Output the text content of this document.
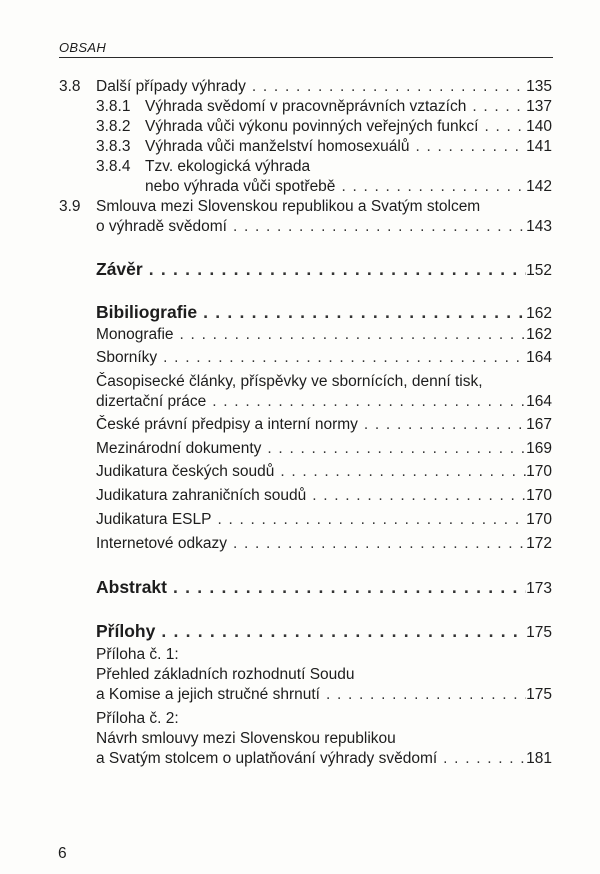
OBSAH
3.8 Další případy výhrady . . .	135
3.8.1 Výhrada svědomí v pracovněprávních vztazích . . .	137
3.8.2 Výhrada vůči výkonu povinných veřejných funkcí . . .	140
3.8.3 Výhrada vůči manželství homosexuálů . . .	141
3.8.4 Tzv. ekologická výhrada
nebo výhrada vůči spotřebě . . .	142
3.9 Smlouva mezi Slovenskou republikou a Svatým stolcem
o výhradě svědomí . . .	143
Závěr . . .	152
Bibiliografie . . .	162
Monografie . . .	162
Sborníky . . .	164
Časopisecké články, příspěvky ve sbornících, denní tisk,
dizertační práce . . .	164
České právní předpisy a interní normy . . .	167
Mezinárodní dokumenty . . .	169
Judikatura českých soudů . . .	170
Judikatura zahraničních soudů . . .	170
Judikatura ESLP . . .	170
Internetové odkazy . . .	172
Abstrakt . . .	173
Přílohy . . .	175
Příloha č. 1:
Přehled základních rozhodnutí Soudu
a Komise a jejich stručné shrnutí . . .	175
Příloha č. 2:
Návrh smlouvy mezi Slovenskou republikou
a Svatým stolcem o uplatňování výhrady svědomí . . .	181
6
